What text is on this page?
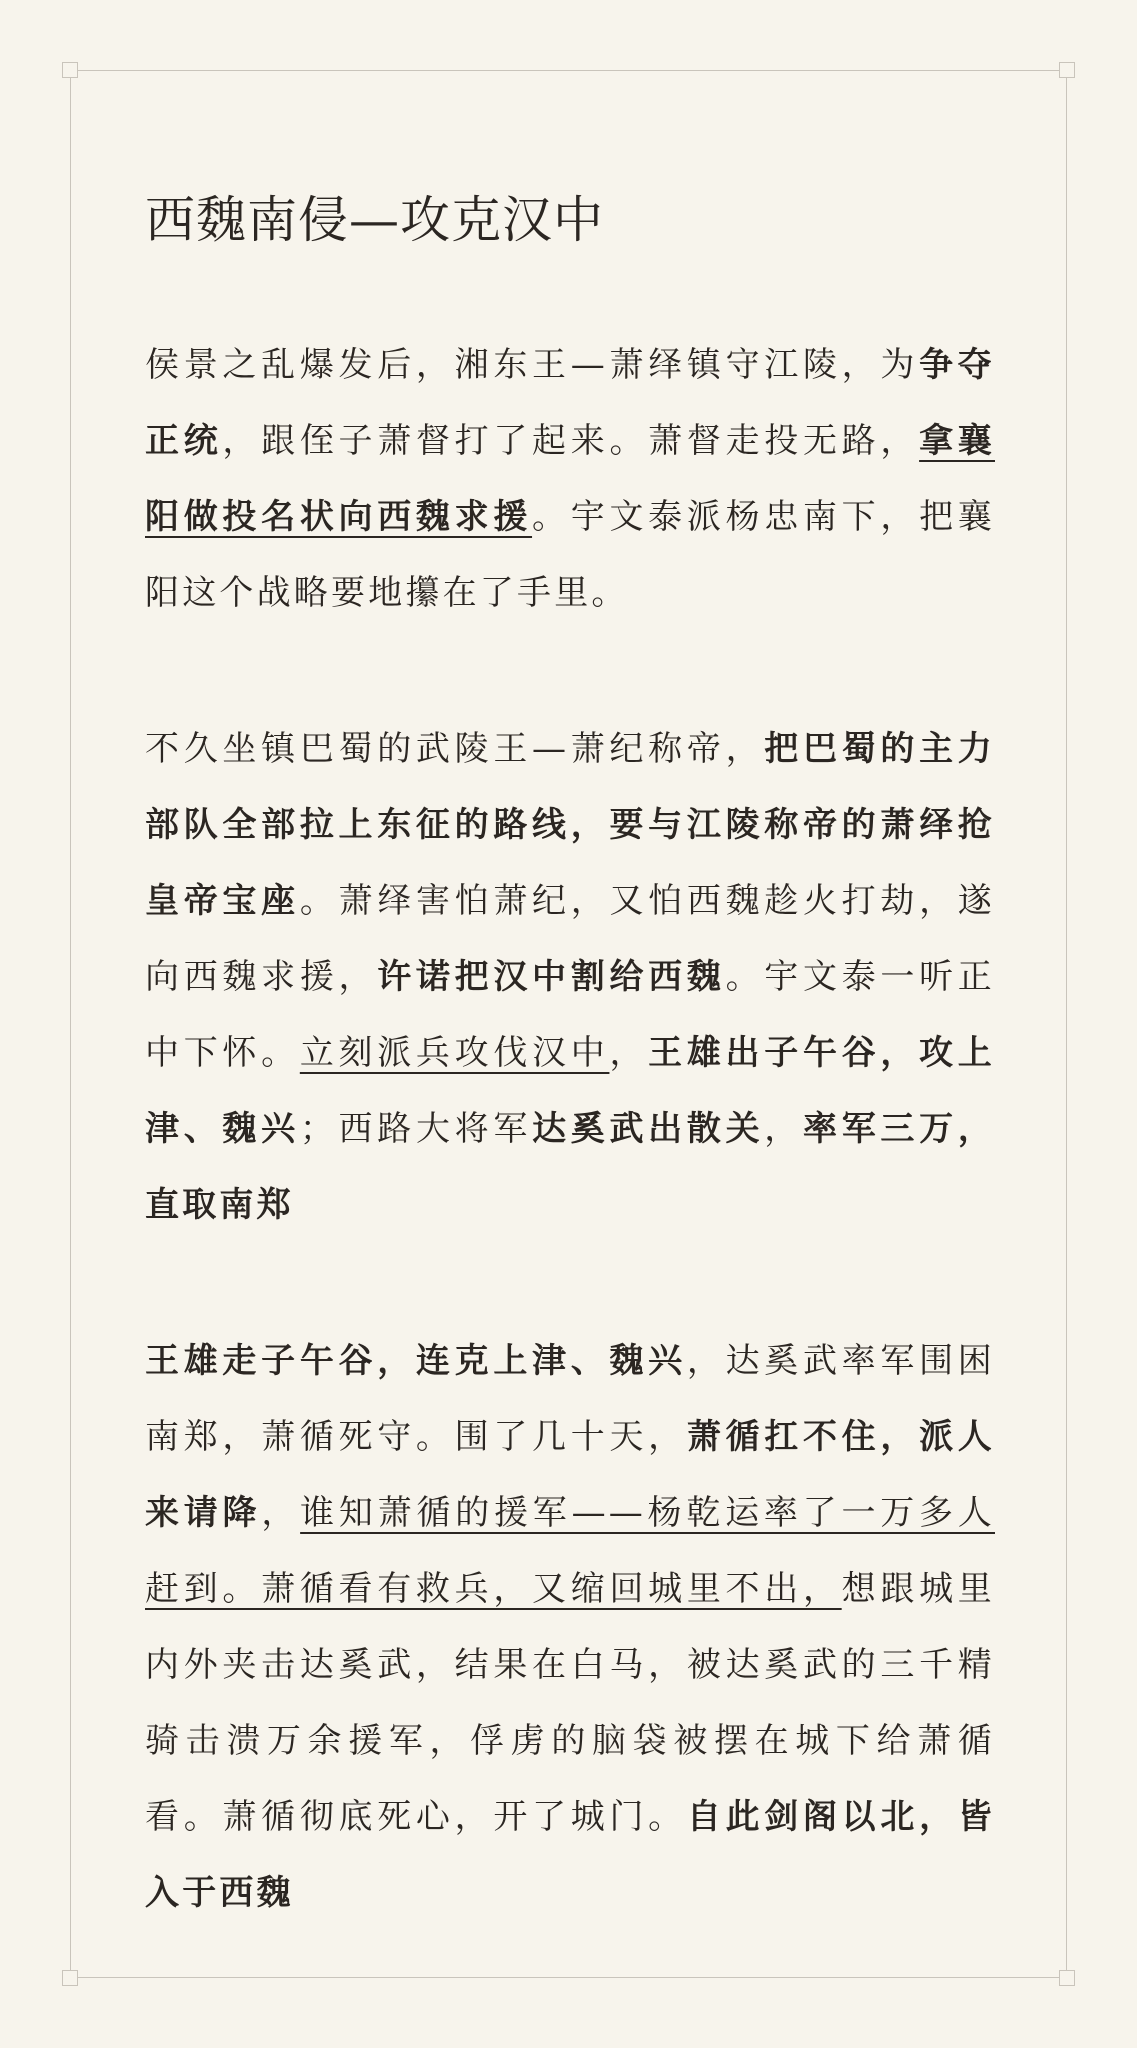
西魏南侵—攻克汉中

侯景之乱爆发后，湘东王—萧绎镇守江陵，为争夺正统，跟侄子萧督打了起来。萧督走投无路，拿襄阳做投名状向西魏求援。宇文泰派杨忠南下，把襄阳这个战略要地攥在了手里。

不久坐镇巴蜀的武陵王—萧纪称帝，把巴蜀的主力部队全部拉上东征的路线，要与江陵称帝的萧绎抢皇帝宝座。萧绎害怕萧纪，又怕西魏趁火打劫，遂向西魏求援，许诺把汉中割给西魏。宇文泰一听正中下怀。立刻派兵攻伐汉中，王雄出子午谷，攻上津、魏兴；西路大将军达奚武出散关，率军三万，直取南郑

王雄走子午谷，连克上津、魏兴，达奚武率军围困南郑，萧循死守。围了几十天，萧循扛不住，派人来请降，谁知萧循的援军——杨乾运率了一万多人赶到。萧循看有救兵，又缩回城里不出，想跟城里内外夹击达奚武，结果在白马，被达奚武的三千精骑击溃万余援军，俘虏的脑袋被摆在城下给萧循看。萧循彻底死心，开了城门。自此剑阁以北，皆入于西魏
